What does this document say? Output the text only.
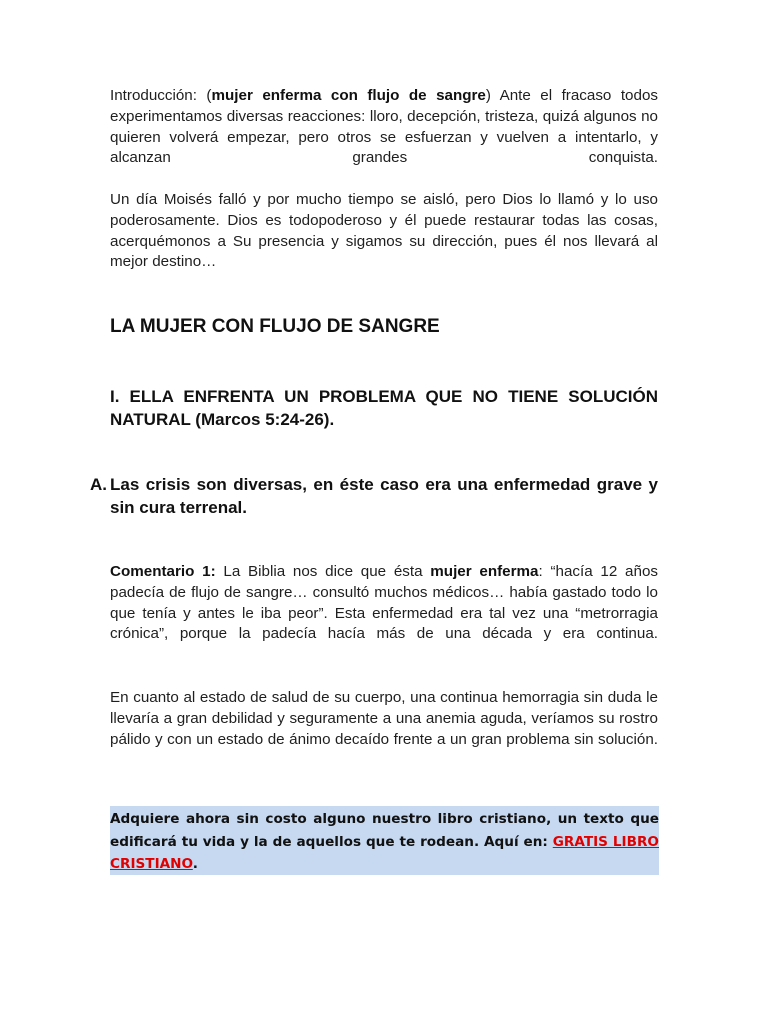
Introducción: (mujer enferma con flujo de sangre) Ante el fracaso todos experimentamos diversas reacciones: lloro, decepción, tristeza, quizá algunos no quieren volverá empezar, pero otros se esfuerzan y vuelven a intentarlo, y alcanzan grandes conquista.

Un día Moisés falló y por mucho tiempo se aisló, pero Dios lo llamó y lo uso poderosamente. Dios es todopoderoso y él puede restaurar todas las cosas, acerquémonos a Su presencia y sigamos su dirección, pues él nos llevará al mejor destino…

LA MUJER CON FLUJO DE SANGRE
I. ELLA ENFRENTA UN PROBLEMA QUE NO TIENE SOLUCIÓN NATURAL (Marcos 5:24-26).
A. Las crisis son diversas, en éste caso era una enfermedad grave y sin cura terrenal.

Comentario 1: La Biblia nos dice que ésta mujer enferma: “hacía 12 años padecía de flujo de sangre… consultó muchos médicos… había gastado todo lo que tenía y antes le iba peor”. Esta enfermedad era tal vez una “metrorragia crónica”, porque la padecía hacía más de una década y era continua.

En cuanto al estado de salud de su cuerpo, una continua hemorragia sin duda le llevaría a gran debilidad y seguramente a una anemia aguda, veríamos su rostro pálido y con un estado de ánimo decaído frente a un gran problema sin solución.

Adquiere ahora sin costo alguno nuestro libro cristiano, un texto que edificará tu vida y la de aquellos que te rodean. Aquí en: GRATIS LIBRO CRISTIANO.
